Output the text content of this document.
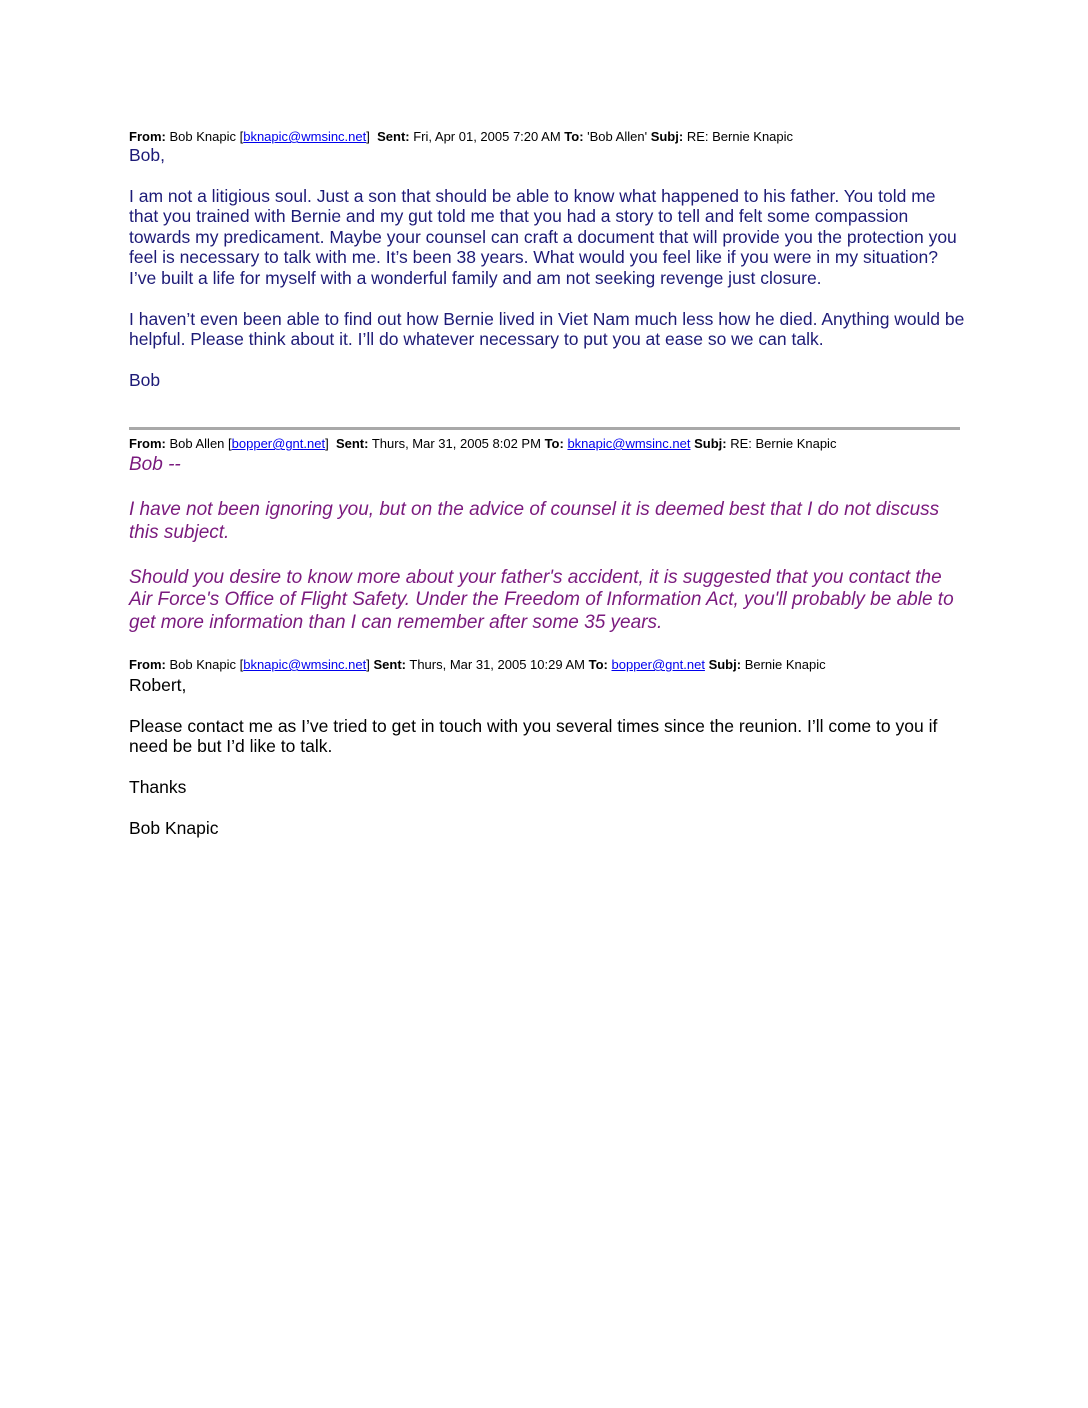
From: Bob Knapic [bknapic@wmsinc.net] Sent: Fri, Apr 01, 2005 7:20 AM To: 'Bob Allen' Subj: RE: Bernie Knapic

Bob,

I am not a litigious soul. Just a son that should be able to know what happened to his father. You told me that you trained with Bernie and my gut told me that you had a story to tell and felt some compassion towards my predicament. Maybe your counsel can craft a document that will provide you the protection you feel is necessary to talk with me. It’s been 38 years. What would you feel like if you were in my situation? I’ve built a life for myself with a wonderful family and am not seeking revenge just closure.

I haven’t even been able to find out how Bernie lived in Viet Nam much less how he died. Anything would be helpful. Please think about it. I’ll do whatever necessary to put you at ease so we can talk.

Bob

From: Bob Allen [bopper@gnt.net] Sent: Thurs, Mar 31, 2005 8:02 PM To: bknapic@wmsinc.net Subj: RE: Bernie Knapic

Bob --

I have not been ignoring you, but on the advice of counsel it is deemed best that I do not discuss this subject.

Should you desire to know more about your father's accident, it is suggested that you contact the Air Force's Office of Flight Safety. Under the Freedom of Information Act, you'll probably be able to get more information than I can remember after some 35 years.

From: Bob Knapic [bknapic@wmsinc.net] Sent: Thurs, Mar 31, 2005 10:29 AM To: bopper@gnt.net Subj: Bernie Knapic

Robert,

Please contact me as I’ve tried to get in touch with you several times since the reunion. I’ll come to you if need be but I’d like to talk.

Thanks

Bob Knapic
